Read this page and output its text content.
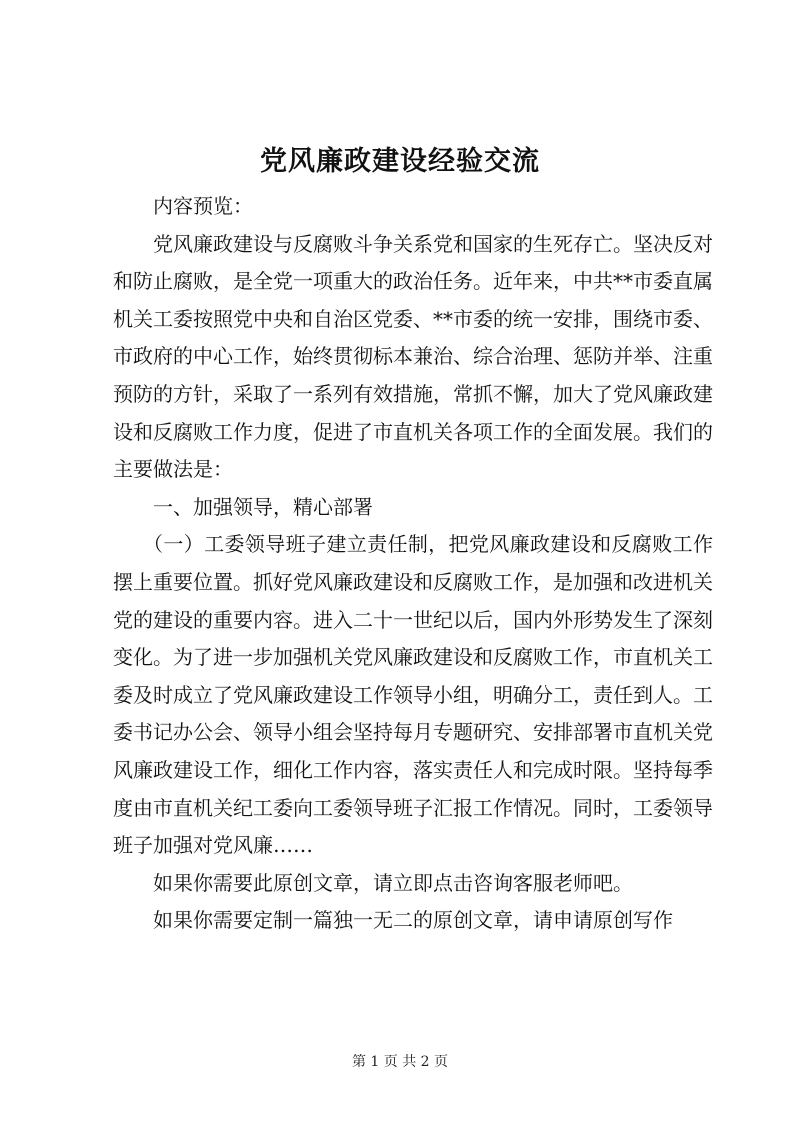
党风廉政建设经验交流

内容预览：

党风廉政建设与反腐败斗争关系党和国家的生死存亡。坚决反对和防止腐败，是全党一项重大的政治任务。近年来，中共**市委直属机关工委按照党中央和自治区党委、**市委的统一安排，围绕市委、市政府的中心工作，始终贯彻标本兼治、综合治理、惩防并举、注重预防的方针，采取了一系列有效措施，常抓不懈，加大了党风廉政建设和反腐败工作力度，促进了市直机关各项工作的全面发展。我们的主要做法是：

一、加强领导，精心部署

（一）工委领导班子建立责任制，把党风廉政建设和反腐败工作摆上重要位置。抓好党风廉政建设和反腐败工作，是加强和改进机关党的建设的重要内容。进入二十一世纪以后，国内外形势发生了深刻变化。为了进一步加强机关党风廉政建设和反腐败工作，市直机关工委及时成立了党风廉政建设工作领导小组，明确分工，责任到人。工委书记办公会、领导小组会坚持每月专题研究、安排部署市直机关党风廉政建设工作，细化工作内容，落实责任人和完成时限。坚持每季度由市直机关纪工委向工委领导班子汇报工作情况。同时，工委领导班子加强对党风廉……

如果你需要此原创文章，请立即点击咨询客服老师吧。

如果你需要定制一篇独一无二的原创文章，请申请原创写作

第 1 页 共 2 页
